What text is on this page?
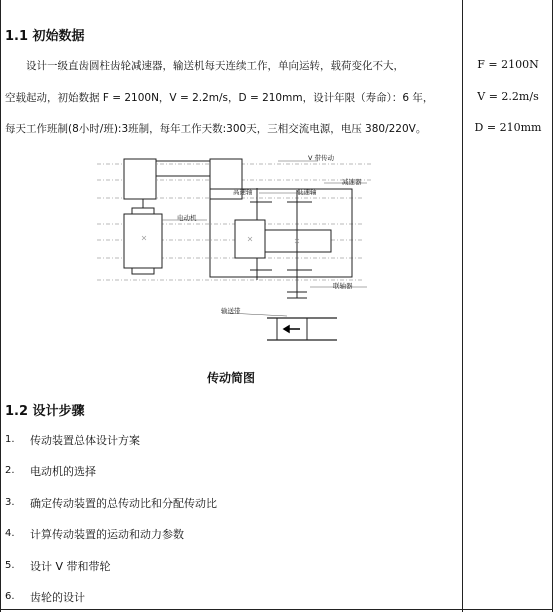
1.1 初始数据
　　设计一级直齿圆柱齿轮减速器，输送机每天连续工作，单向运转，载荷变化不大，
空载起动，初始数据 F = 2100N，V = 2.2m/s，D = 210mm，设计年限（寿命）：6 年，
每天工作班制(8小时/班):3班制，每年工作天数:300天，三相交流电源，电压 380/220V。
F = 2100N
V = 2.2m/s
D = 210mm
V 带传动
减速器
高速轴	低速轴
电动机
联轴器
输送带
传动简图
1.2 设计步骤
1. 传动装置总体设计方案
2. 电动机的选择
3. 确定传动装置的总传动比和分配传动比
4. 计算传动装置的运动和动力参数
5. 设计 V 带和带轮
6. 齿轮的设计
